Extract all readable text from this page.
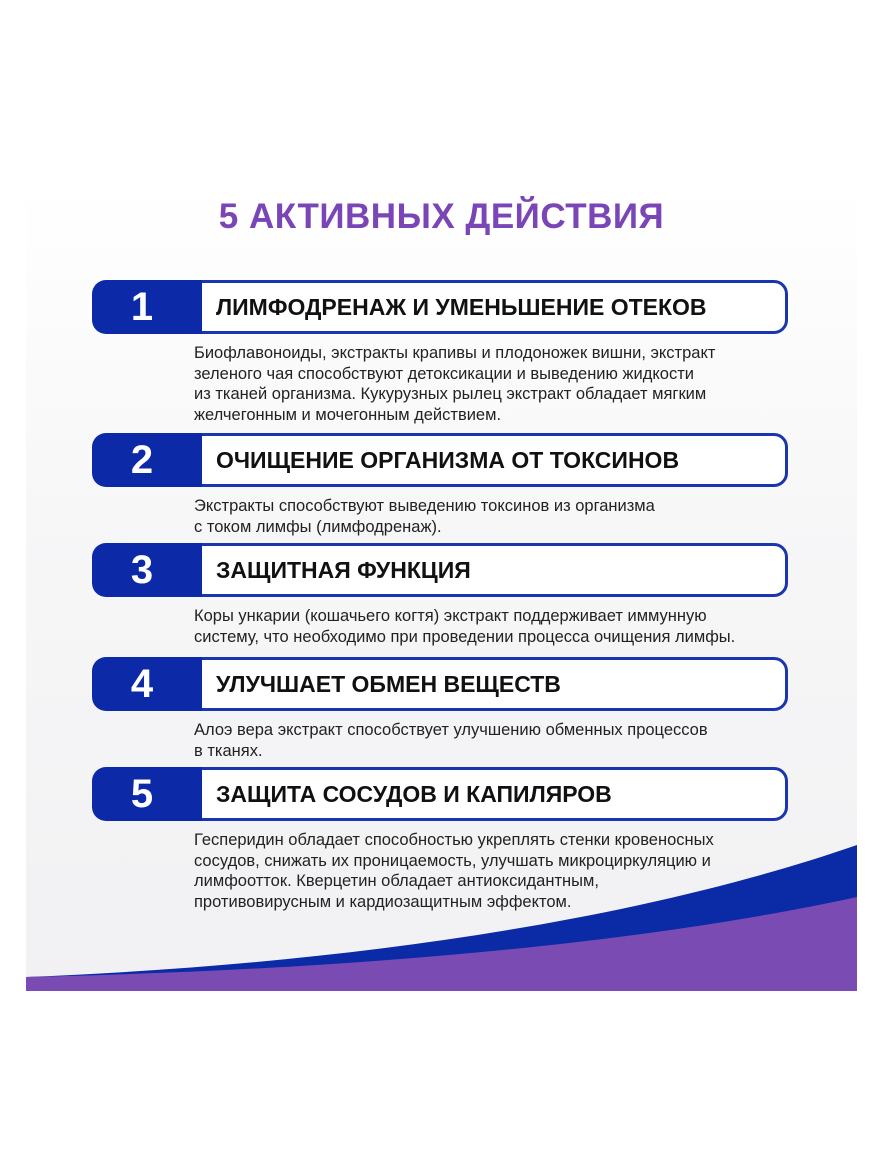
5 АКТИВНЫХ ДЕЙСТВИЯ
ЛИМФОДРЕНАЖ И УМЕНЬШЕНИЕ ОТЕКОВ
1
Биофлавоноиды, экстракты крапивы и плодоножек вишни, экстракт
зеленого чая способствуют детоксикации и выведению жидкости
из тканей организма. Кукурузных рылец экстракт обладает мягким
желчегонным и мочегонным действием.
ОЧИЩЕНИЕ ОРГАНИЗМА ОТ ТОКСИНОВ
2
Экстракты способствуют выведению токсинов из организма
с током лимфы (лимфодренаж).
ЗАЩИТНАЯ ФУНКЦИЯ
3
Коры ункарии (кошачьего когтя) экстракт поддерживает иммунную
систему, что необходимо при проведении процесса очищения лимфы.
УЛУЧШАЕТ ОБМЕН ВЕЩЕСТВ
4
Алоэ вера экстракт способствует улучшению обменных процессов
в тканях.
ЗАЩИТА СОСУДОВ И КАПИЛЯРОВ
5
Гесперидин обладает способностью укреплять стенки кровеносных
сосудов, снижать их проницаемость, улучшать микроциркуляцию и
лимфоотток. Кверцетин обладает антиоксидантным,
противовирусным и кардиозащитным эффектом.
